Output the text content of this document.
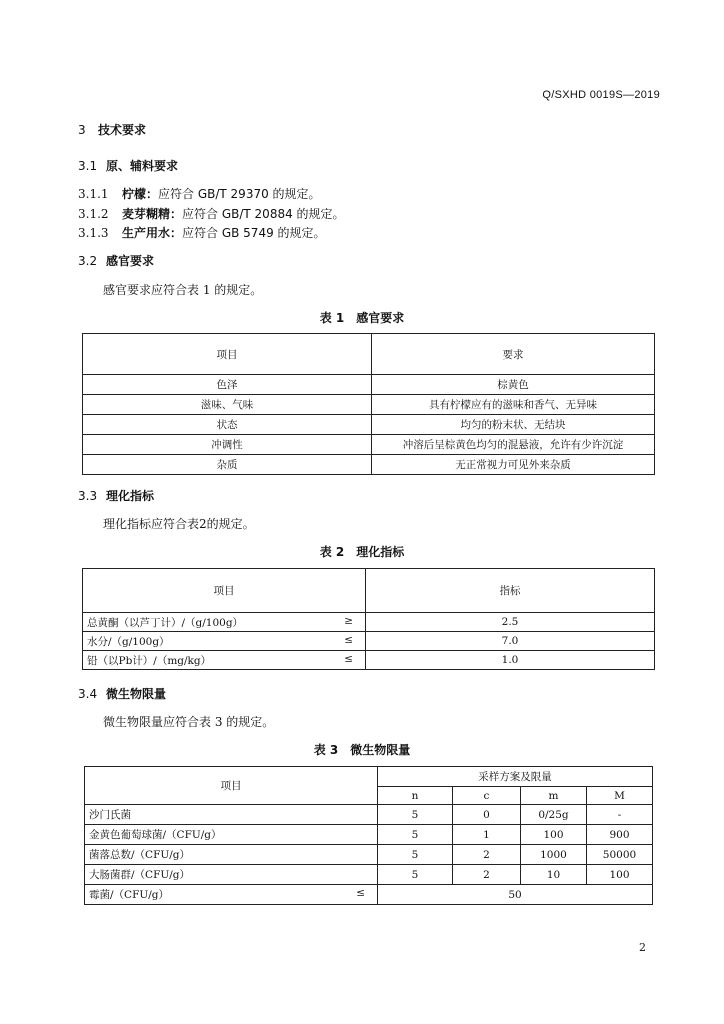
Q/SXHD 0019S—2019
3 技术要求
3.1 原、辅料要求
3.1.1 柠檬：应符合 GB/T 29370 的规定。
3.1.2 麦芽糊精：应符合 GB/T 20884 的规定。
3.1.3 生产用水：应符合 GB 5749 的规定。
3.2 感官要求
感官要求应符合表 1 的规定。
表 1　感官要求
项目	要求
色泽	棕黄色
滋味、气味	具有柠檬应有的滋味和香气、无异味
状态	均匀的粉末状、无结块
冲调性	冲溶后呈棕黄色均匀的混悬液，允许有少许沉淀
杂质	无正常视力可见外来杂质
3.3 理化指标
理化指标应符合表2的规定。
表 2　理化指标
项目	指标
总黄酮（以芦丁计）/（g/100g） ≥	2.5
水分/（g/100g） ≤	7.0
铅（以Pb计）/（mg/kg） ≤	1.0
3.4 微生物限量
微生物限量应符合表 3 的规定。
表 3　微生物限量
项目	采样方案及限量			
	n	c	m	M
沙门氏菌	5	0	0/25g	-
金黄色葡萄球菌/（CFU/g）	5	1	100	900
菌落总数/（CFU/g）	5	2	1000	50000
大肠菌群/（CFU/g）	5	2	10	100
霉菌/（CFU/g） ≤	50			
2
